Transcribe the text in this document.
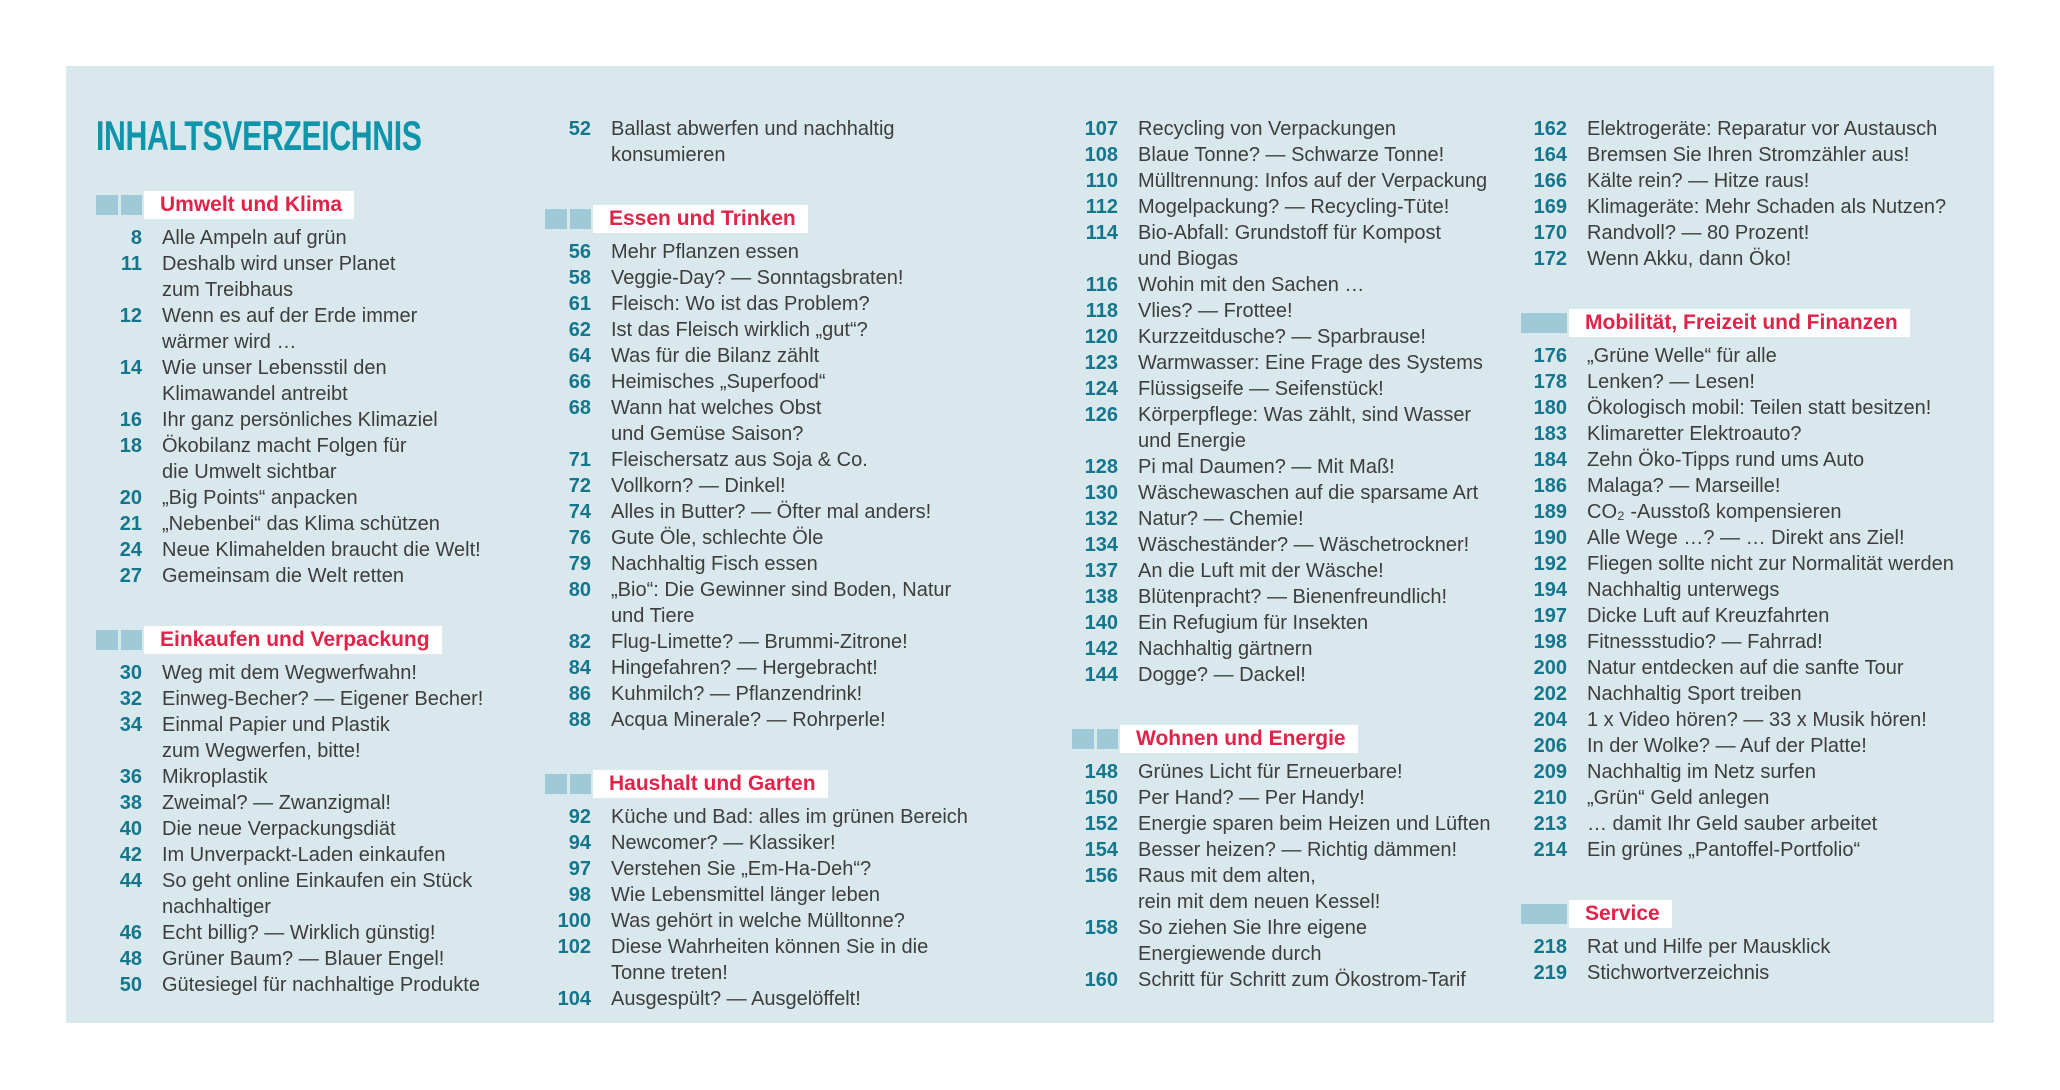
INHALTSVERZEICHNIS
Umwelt und Klima
8 Alle Ampeln auf grün
11 Deshalb wird unser Planet
zum Treibhaus
12 Wenn es auf der Erde immer
wärmer wird …
14 Wie unser Lebensstil den
Klimawandel antreibt
16 Ihr ganz persönliches Klimaziel
18 Ökobilanz macht Folgen für
die Umwelt sichtbar
20 „Big Points“ anpacken
21 „Nebenbei“ das Klima schützen
24 Neue Klimahelden braucht die Welt!
27 Gemeinsam die Welt retten
Einkaufen und Verpackung
30 Weg mit dem Wegwerfwahn!
32 Einweg-Becher? — Eigener Becher!
34 Einmal Papier und Plastik
zum Wegwerfen, bitte!
36 Mikroplastik
38 Zweimal? — Zwanzigmal!
40 Die neue Verpackungsdiät
42 Im Unverpackt-Laden einkaufen
44 So geht online Einkaufen ein Stück
nachhaltiger
46 Echt billig? — Wirklich günstig!
48 Grüner Baum? — Blauer Engel!
50 Gütesiegel für nachhaltige Produkte
52 Ballast abwerfen und nachhaltig
konsumieren
Essen und Trinken
56 Mehr Pflanzen essen
58 Veggie-Day? — Sonntagsbraten!
61 Fleisch: Wo ist das Problem?
62 Ist das Fleisch wirklich „gut“?
64 Was für die Bilanz zählt
66 Heimisches „Superfood“
68 Wann hat welches Obst
und Gemüse Saison?
71 Fleischersatz aus Soja & Co.
72 Vollkorn? — Dinkel!
74 Alles in Butter? — Öfter mal anders!
76 Gute Öle, schlechte Öle
79 Nachhaltig Fisch essen
80 „Bio“: Die Gewinner sind Boden, Natur
und Tiere
82 Flug-Limette? — Brummi-Zitrone!
84 Hingefahren? — Hergebracht!
86 Kuhmilch? — Pflanzendrink!
88 Acqua Minerale? — Rohrperle!
Haushalt und Garten
92 Küche und Bad: alles im grünen Bereich
94 Newcomer? — Klassiker!
97 Verstehen Sie „Em-Ha-Deh“?
98 Wie Lebensmittel länger leben
100 Was gehört in welche Mülltonne?
102 Diese Wahrheiten können Sie in die
Tonne treten!
104 Ausgespült? — Ausgelöffelt!
107 Recycling von Verpackungen
108 Blaue Tonne? — Schwarze Tonne!
110 Mülltrennung: Infos auf der Verpackung
112 Mogelpackung? — Recycling-Tüte!
114 Bio-Abfall: Grundstoff für Kompost
und Biogas
116 Wohin mit den Sachen …
118 Vlies? — Frottee!
120 Kurzzeitdusche? — Sparbrause!
123 Warmwasser: Eine Frage des Systems
124 Flüssigseife — Seifenstück!
126 Körperpflege: Was zählt, sind Wasser
und Energie
128 Pi mal Daumen? — Mit Maß!
130 Wäschewaschen auf die sparsame Art
132 Natur? — Chemie!
134 Wäscheständer? — Wäschetrockner!
137 An die Luft mit der Wäsche!
138 Blütenpracht? — Bienenfreundlich!
140 Ein Refugium für Insekten
142 Nachhaltig gärtnern
144 Dogge? — Dackel!
Wohnen und Energie
148 Grünes Licht für Erneuerbare!
150 Per Hand? — Per Handy!
152 Energie sparen beim Heizen und Lüften
154 Besser heizen? — Richtig dämmen!
156 Raus mit dem alten,
rein mit dem neuen Kessel!
158 So ziehen Sie Ihre eigene
Energiewende durch
160 Schritt für Schritt zum Ökostrom-Tarif
162 Elektrogeräte: Reparatur vor Austausch
164 Bremsen Sie Ihren Stromzähler aus!
166 Kälte rein? — Hitze raus!
169 Klimageräte: Mehr Schaden als Nutzen?
170 Randvoll? — 80 Prozent!
172 Wenn Akku, dann Öko!
Mobilität, Freizeit und Finanzen
176 „Grüne Welle“ für alle
178 Lenken? — Lesen!
180 Ökologisch mobil: Teilen statt besitzen!
183 Klimaretter Elektroauto?
184 Zehn Öko-Tipps rund ums Auto
186 Malaga? — Marseille!
189 CO₂ -Ausstoß kompensieren
190 Alle Wege …? — … Direkt ans Ziel!
192 Fliegen sollte nicht zur Normalität werden
194 Nachhaltig unterwegs
197 Dicke Luft auf Kreuzfahrten
198 Fitnessstudio? — Fahrrad!
200 Natur entdecken auf die sanfte Tour
202 Nachhaltig Sport treiben
204 1 x Video hören? — 33 x Musik hören!
206 In der Wolke? — Auf der Platte!
209 Nachhaltig im Netz surfen
210 „Grün“ Geld anlegen
213 … damit Ihr Geld sauber arbeitet
214 Ein grünes „Pantoffel-Portfolio“
Service
218 Rat und Hilfe per Mausklick
219 Stichwortverzeichnis
